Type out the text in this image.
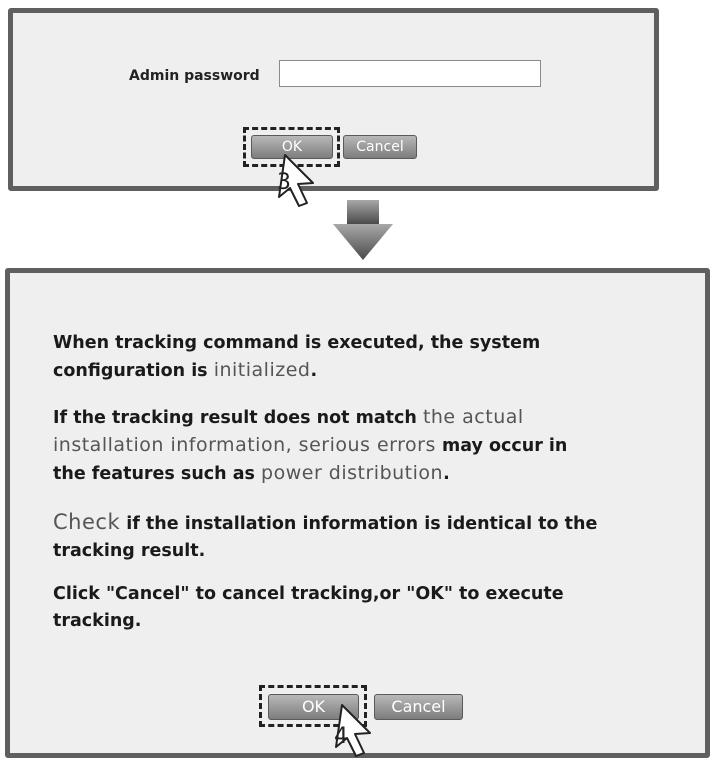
Admin password
OK	Cancel
3

When tracking command is executed, the system
configuration is initialized.

If the tracking result does not match the actual
installation information, serious errors may occur in
the features such as power distribution.

Check if the installation information is identical to the
tracking result.

Click "Cancel" to cancel tracking,or "OK" to execute
tracking.

OK	Cancel
4
